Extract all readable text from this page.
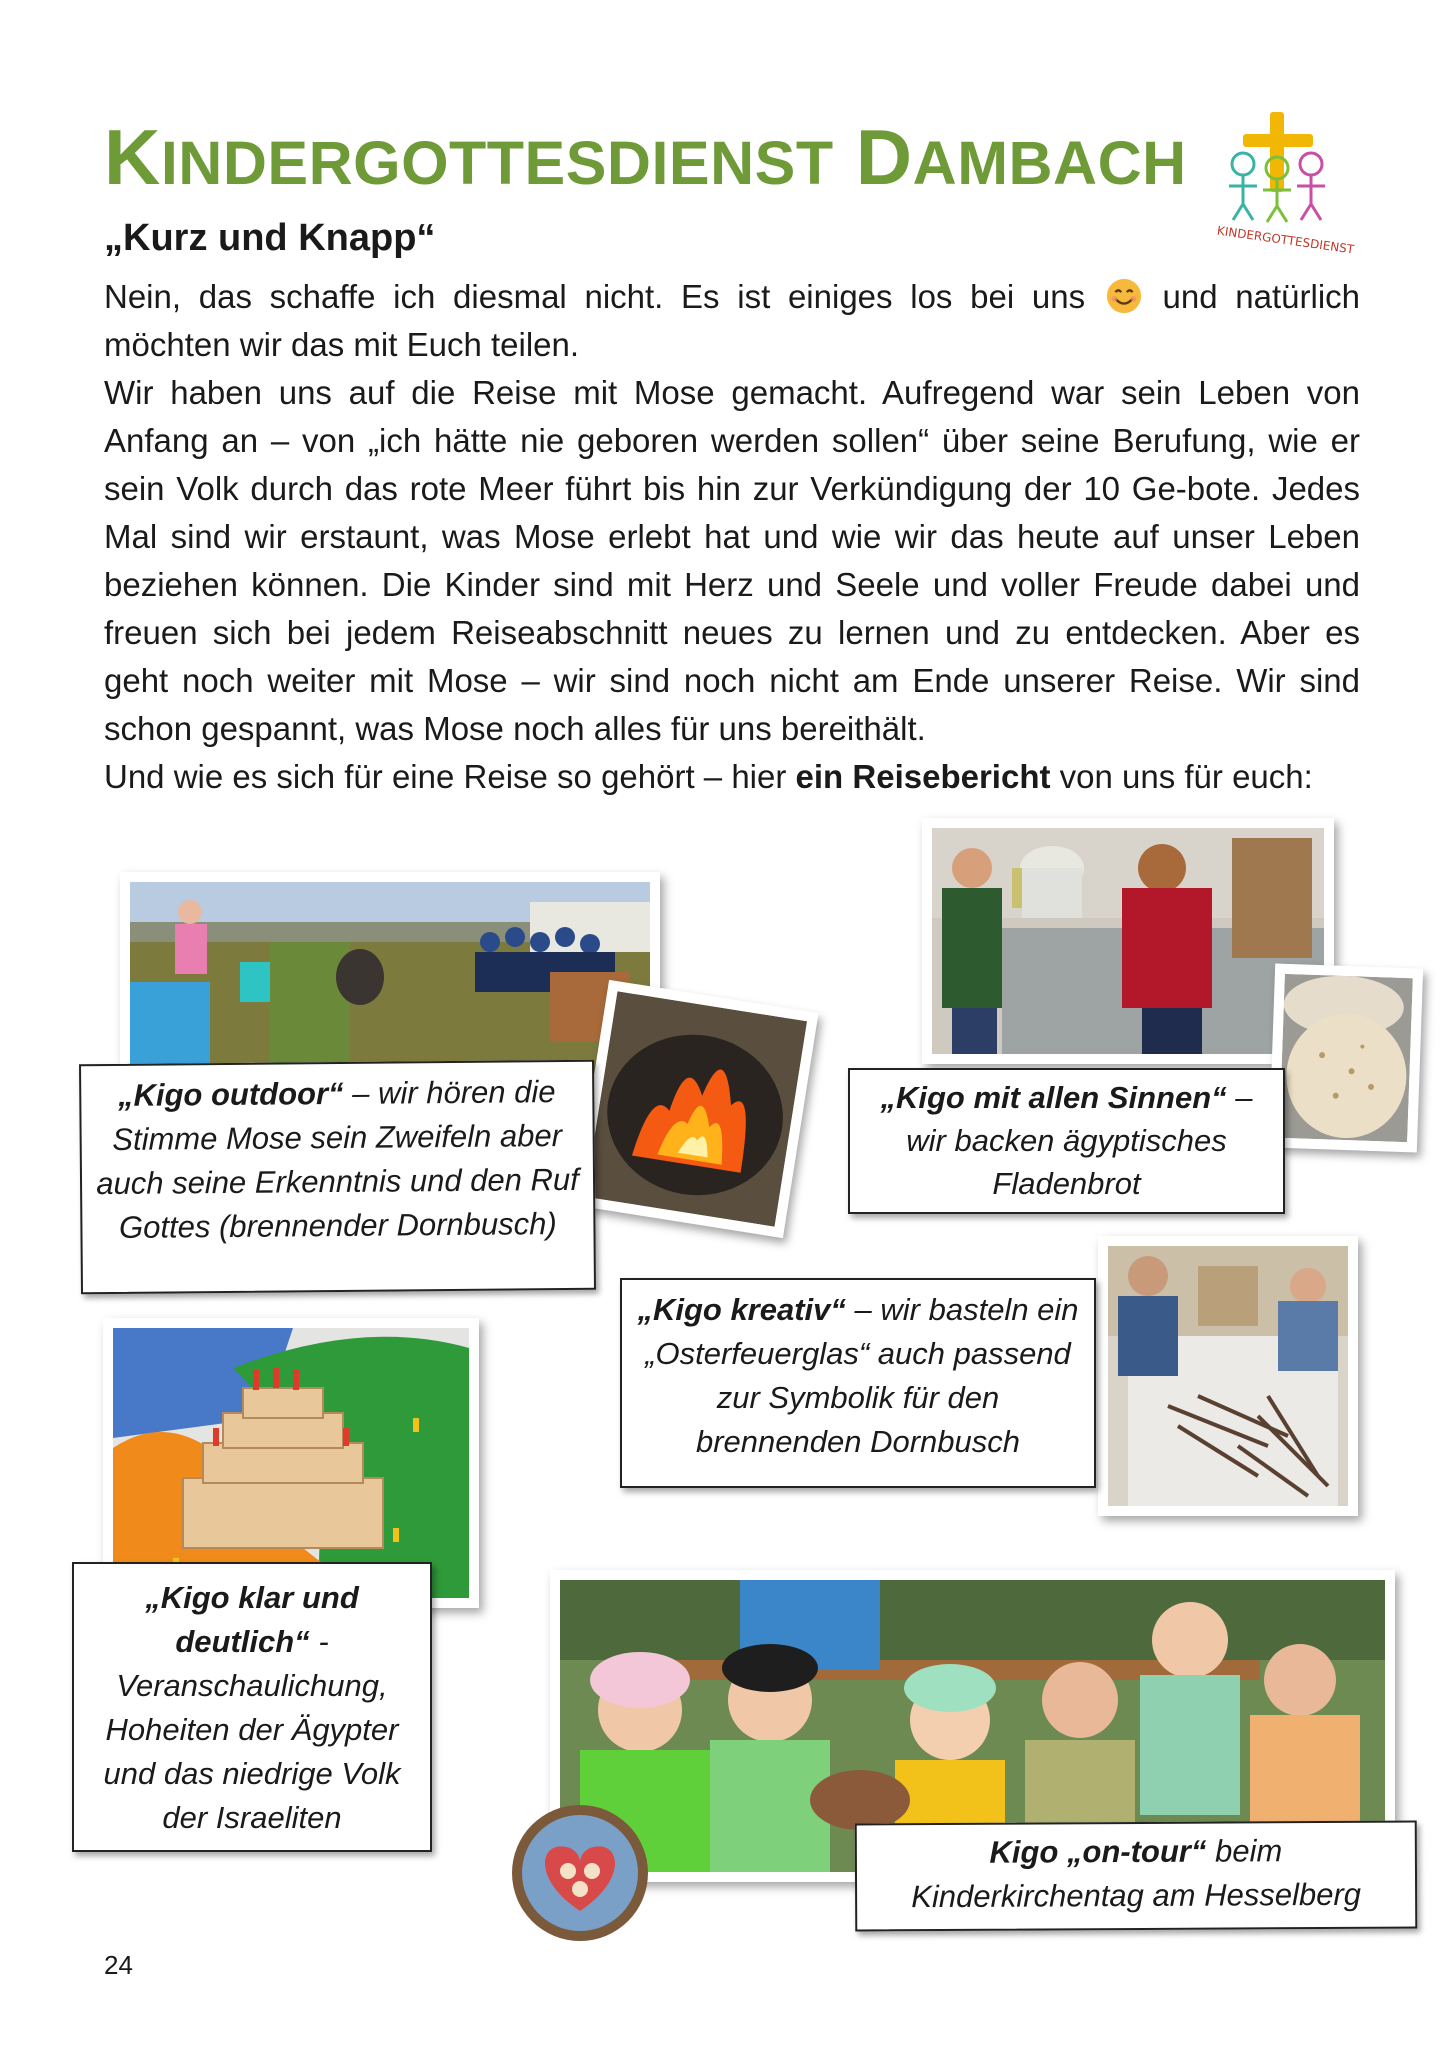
KINDERGOTTESDIENST DAMBACH
KINDERGOTTESDIENST
„Kurz und Knapp“

Nein, das schaffe ich diesmal nicht. Es ist einiges los bei uns und natürlich möchten wir das mit Euch teilen.

Wir haben uns auf die Reise mit Mose gemacht. Aufregend war sein Leben von Anfang an – von „ich hätte nie geboren werden sollen“ über seine Berufung, wie er sein Volk durch das rote Meer führt bis hin zur Verkündigung der 10 Ge-bote. Jedes Mal sind wir erstaunt, was Mose erlebt hat und wie wir das heute auf unser Leben beziehen können. Die Kinder sind mit Herz und Seele und voller Freude dabei und freuen sich bei jedem Reiseabschnitt neues zu lernen und zu entdecken. Aber es geht noch weiter mit Mose – wir sind noch nicht am Ende unserer Reise. Wir sind schon gespannt, was Mose noch alles für uns bereithält.

Und wie es sich für eine Reise so gehört – hier ein Reisebericht von uns für euch:

„Kigo outdoor“ – wir hören die Stimme Mose sein Zweifeln aber auch seine Erkenntnis und den Ruf Gottes (brennender Dornbusch)
„Kigo mit allen Sinnen“ – wir backen ägyptisches Fladenbrot
„Kigo kreativ“ – wir basteln ein „Osterfeuerglas“ auch passend zur Symbolik für den brennenden Dornbusch
„Kigo klar und deutlich“ - Veranschaulichung, Hoheiten der Ägypter und das niedrige Volk der Israeliten
Kigo „on-tour“ beim Kinderkirchentag am Hesselberg
24
